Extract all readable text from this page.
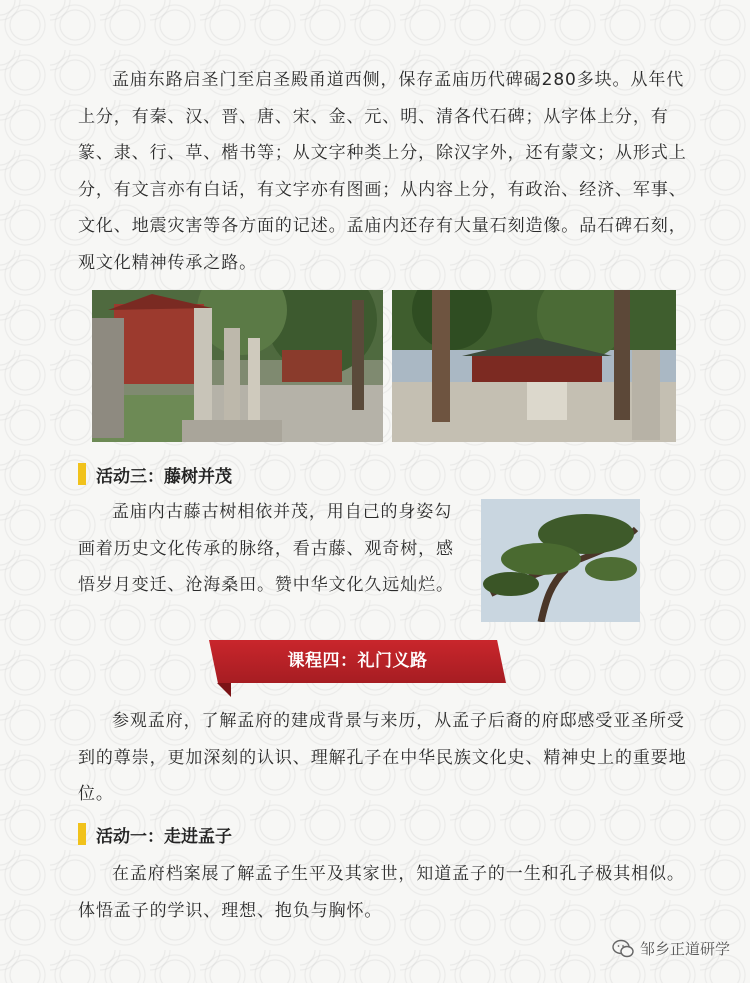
孟庙东路启圣门至启圣殿甬道西侧，保存孟庙历代碑碣280多块。从年代上分，有秦、汉、晋、唐、宋、金、元、明、清各代石碑；从字体上分，有篆、隶、行、草、楷书等；从文字种类上分，除汉字外，还有蒙文；从形式上分，有文言亦有白话，有文字亦有图画；从内容上分，有政治、经济、军事、文化、地震灾害等各方面的记述。孟庙内还存有大量石刻造像。品石碑石刻，观文化精神传承之路。

活动三：藤树并茂

孟庙内古藤古树相依并茂，用自己的身姿勾画着历史文化传承的脉络，看古藤、观奇树，感悟岁月变迁、沧海桑田。赞中华文化久远灿烂。

课程四：礼门义路

参观孟府，了解孟府的建成背景与来历，从孟子后裔的府邸感受亚圣所受到的尊崇，更加深刻的认识、理解孔子在中华民族文化史、精神史上的重要地位。

活动一：走进孟子

在孟府档案展了解孟子生平及其家世，知道孟子的一生和孔子极其相似。体悟孟子的学识、理想、抱负与胸怀。

邹乡正道研学
